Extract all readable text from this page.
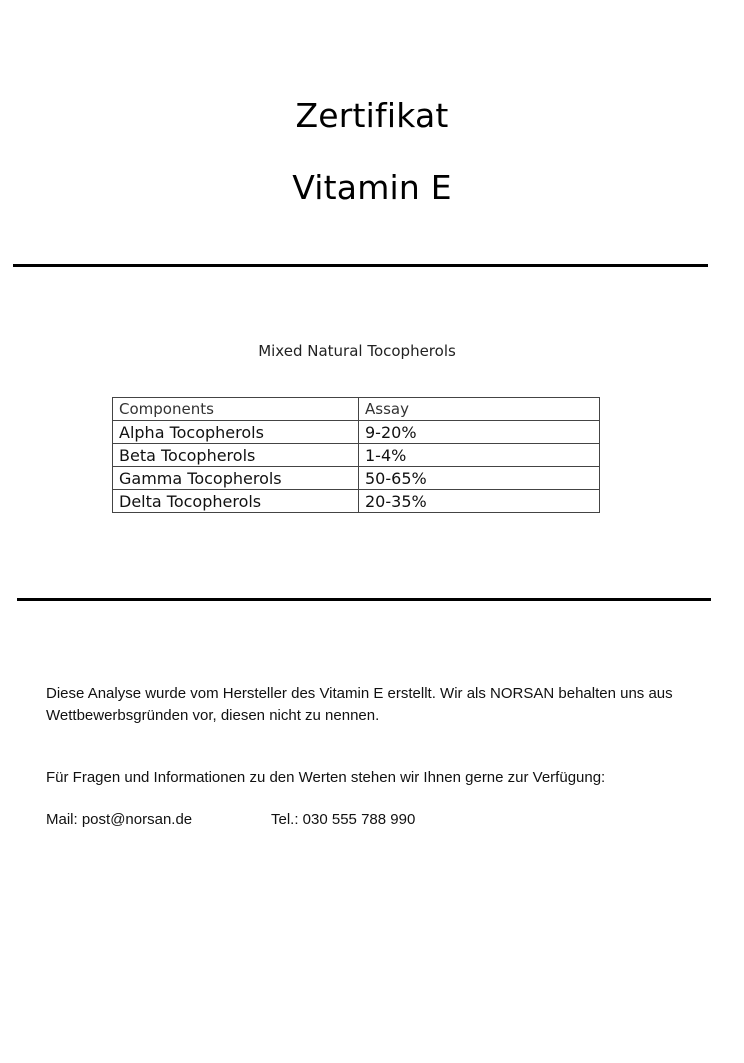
Zertifikat
Vitamin E
Mixed Natural Tocopherols
Components	Assay
Alpha Tocopherols	9-20%
Beta Tocopherols	1-4%
Gamma Tocopherols	50-65%
Delta Tocopherols	20-35%
Diese Analyse wurde vom Hersteller des Vitamin E erstellt. Wir als NORSAN behalten uns aus Wettbewerbsgründen vor, diesen nicht zu nennen.
Für Fragen und Informationen zu den Werten stehen wir Ihnen gerne zur Verfügung:
Mail: post@norsan.de	Tel.: 030 555 788 990
